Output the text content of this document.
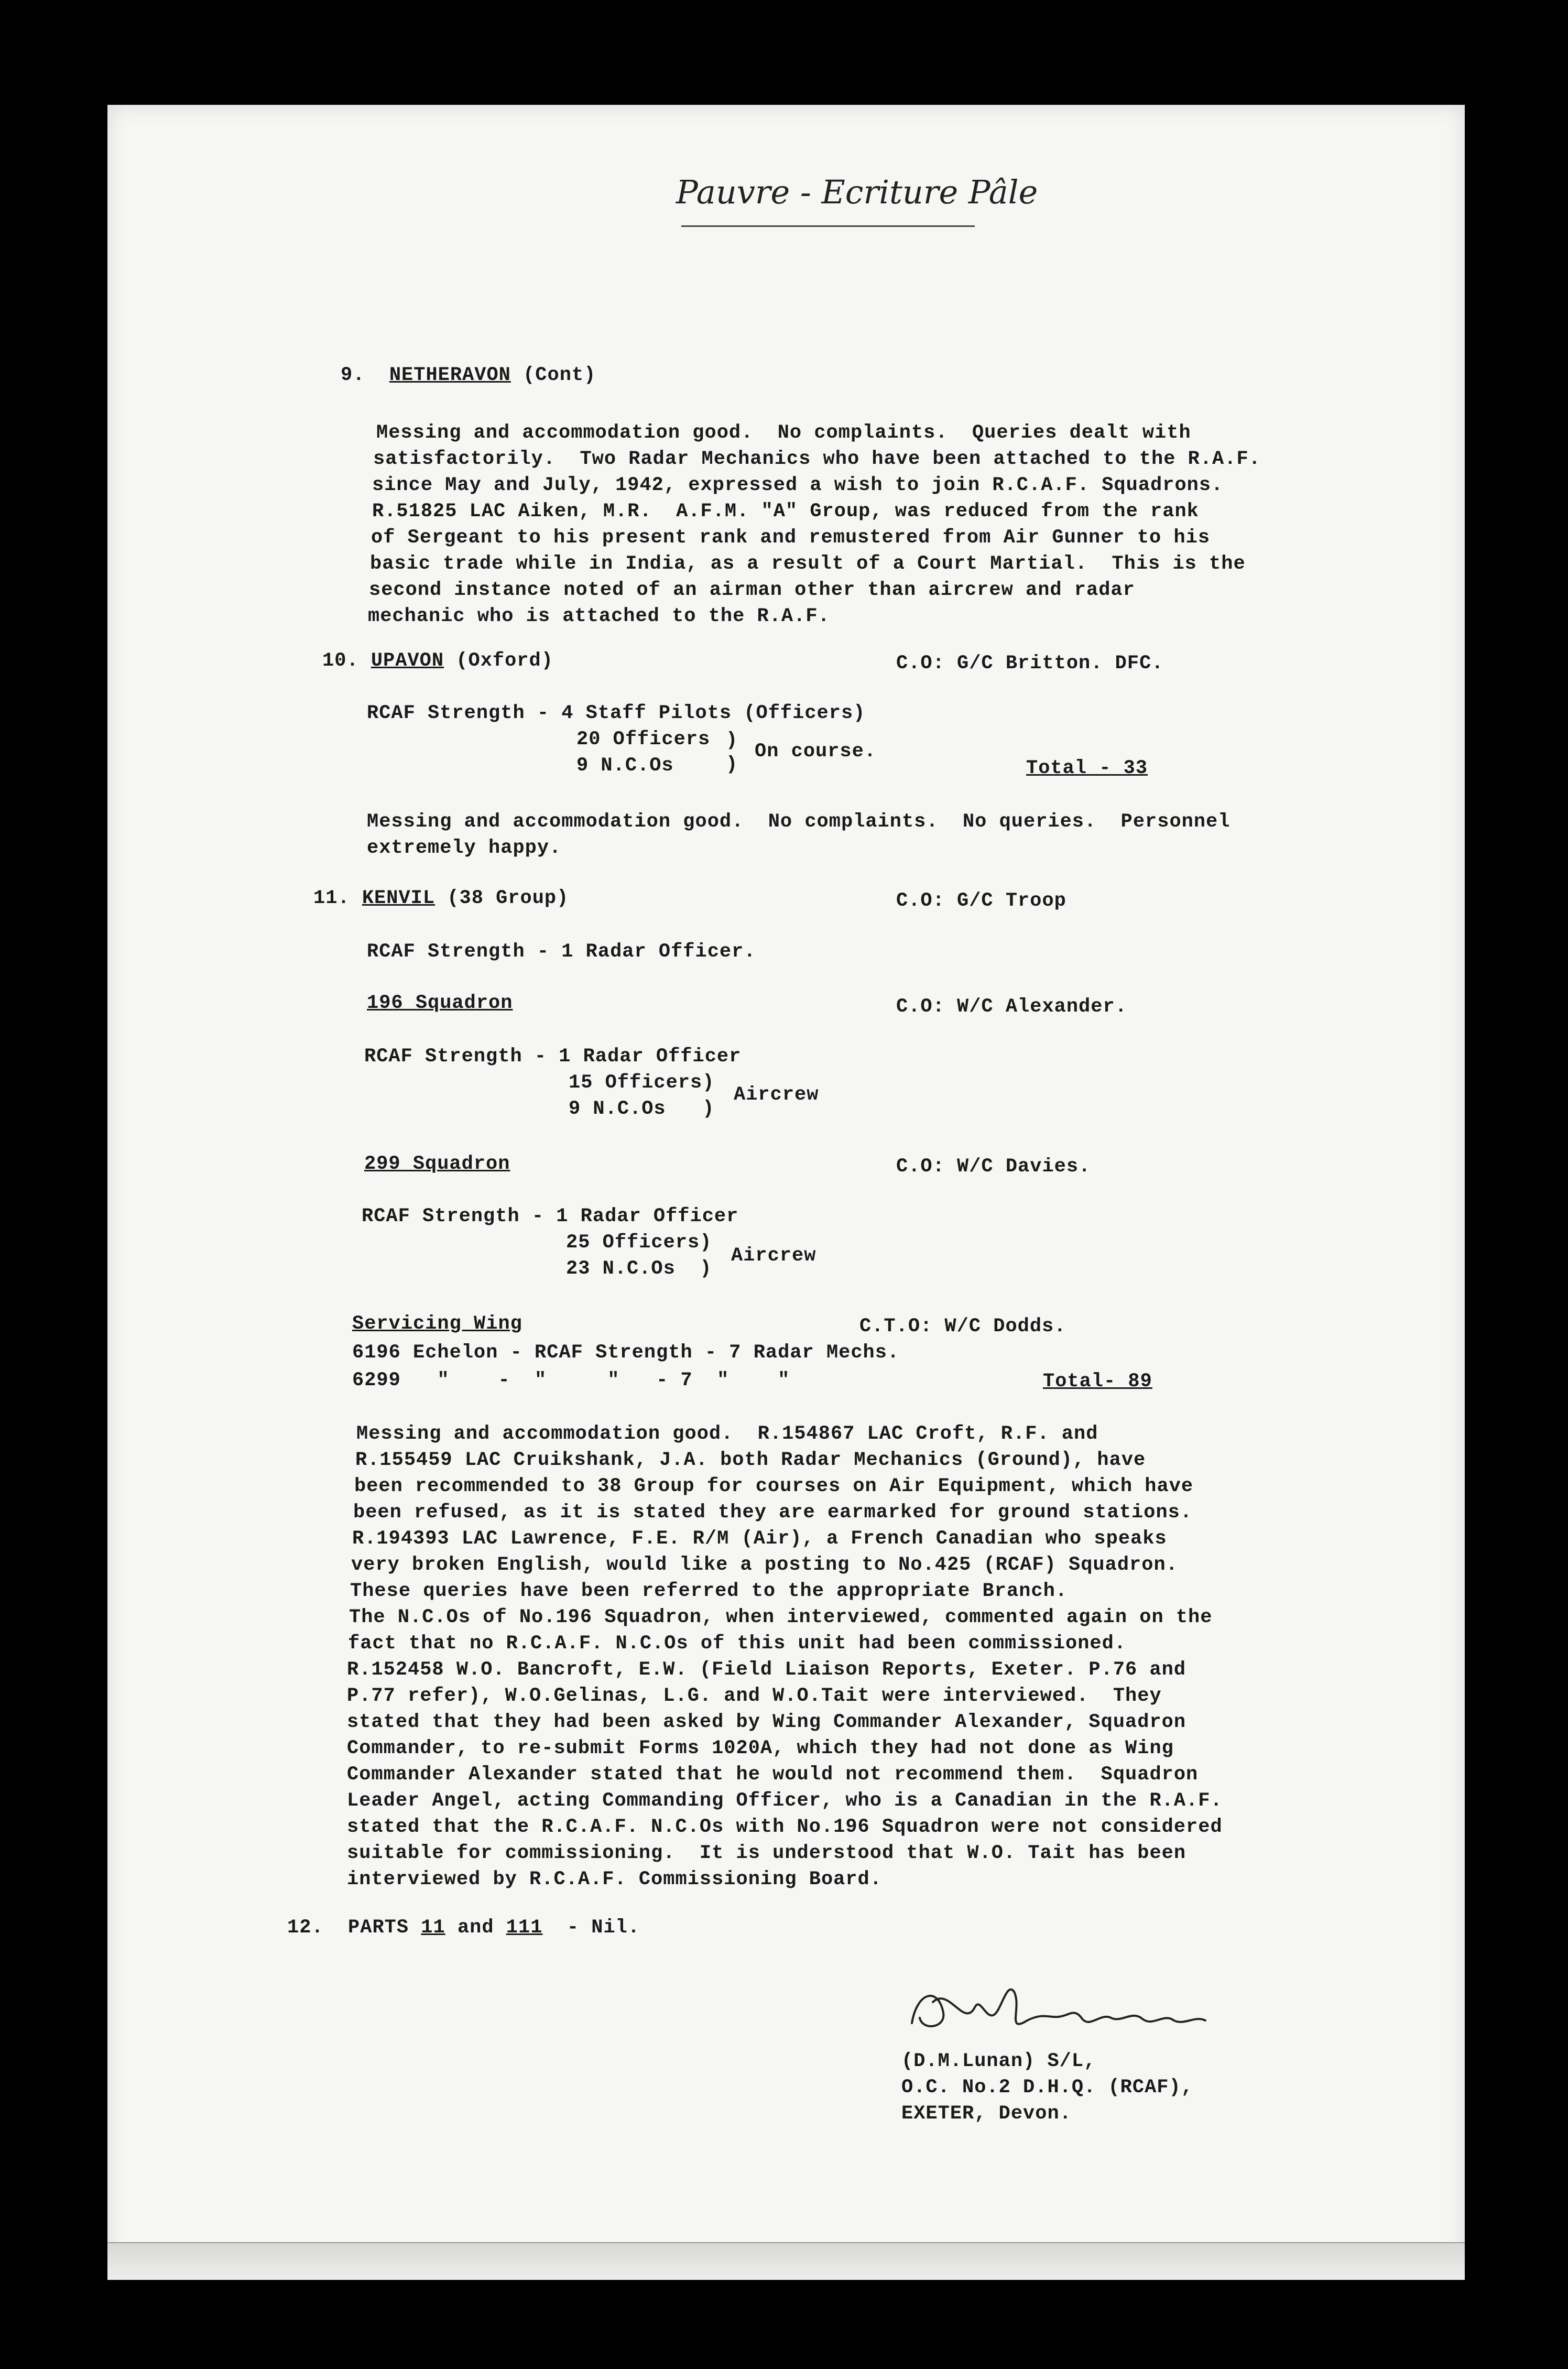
Pauvre - Ecriture Pâle
9. NETHERAVON (Cont)
Messing and accommodation good.  No complaints.  Queries dealt with
satisfactorily.  Two Radar Mechanics who have been attached to the R.A.F.
since May and July, 1942, expressed a wish to join R.C.A.F. Squadrons.
R.51825 LAC Aiken, M.R.  A.F.M. "A" Group, was reduced from the rank
of Sergeant to his present rank and remustered from Air Gunner to his
basic trade while in India, as a result of a Court Martial.  This is the
second instance noted of an airman other than aircrew and radar
mechanic who is attached to the R.A.F.
10. UPAVON (Oxford)	C.O: G/C Britton. DFC.
RCAF Strength - 4 Staff Pilots (Officers)
20 Officers )
9 N.C.Os	)
On course.
Total - 33
Messing and accommodation good.  No complaints.  No queries.  Personnel
extremely happy.
11. KENVIL (38 Group)	C.O: G/C Troop
RCAF Strength - 1 Radar Officer.
196 Squadron	C.O: W/C Alexander.
RCAF Strength - 1 Radar Officer
15 Officers)
9 N.C.Os   )
Aircrew
299 Squadron	C.O: W/C Davies.
RCAF Strength - 1 Radar Officer
25 Officers)
23 N.C.Os  )
Aircrew
Servicing Wing	C.T.O: W/C Dodds.
6196 Echelon - RCAF Strength - 7 Radar Mechs.
6299   "    -  "     "   - 7  "    "	Total- 89
Messing and accommodation good.  R.154867 LAC Croft, R.F. and
R.155459 LAC Cruikshank, J.A. both Radar Mechanics (Ground), have
been recommended to 38 Group for courses on Air Equipment, which have
been refused, as it is stated they are earmarked for ground stations.
R.194393 LAC Lawrence, F.E. R/M (Air), a French Canadian who speaks
very broken English, would like a posting to No.425 (RCAF) Squadron.
These queries have been referred to the appropriate Branch.
The N.C.Os of No.196 Squadron, when interviewed, commented again on the
fact that no R.C.A.F. N.C.Os of this unit had been commissioned.
R.152458 W.O. Bancroft, E.W. (Field Liaison Reports, Exeter. P.76 and
P.77 refer), W.O.Gelinas, L.G. and W.O.Tait were interviewed.  They
stated that they had been asked by Wing Commander Alexander, Squadron
Commander, to re-submit Forms 1020A, which they had not done as Wing
Commander Alexander stated that he would not recommend them.  Squadron
Leader Angel, acting Commanding Officer, who is a Canadian in the R.A.F.
stated that the R.C.A.F. N.C.Os with No.196 Squadron were not considered
suitable for commissioning.  It is understood that W.O. Tait has been
interviewed by R.C.A.F. Commissioning Board.
12. PARTS 11 and 111 - Nil.
DmLunan
(D.M.Lunan) S/L,
O.C. No.2 D.H.Q. (RCAF),
EXETER, Devon.
